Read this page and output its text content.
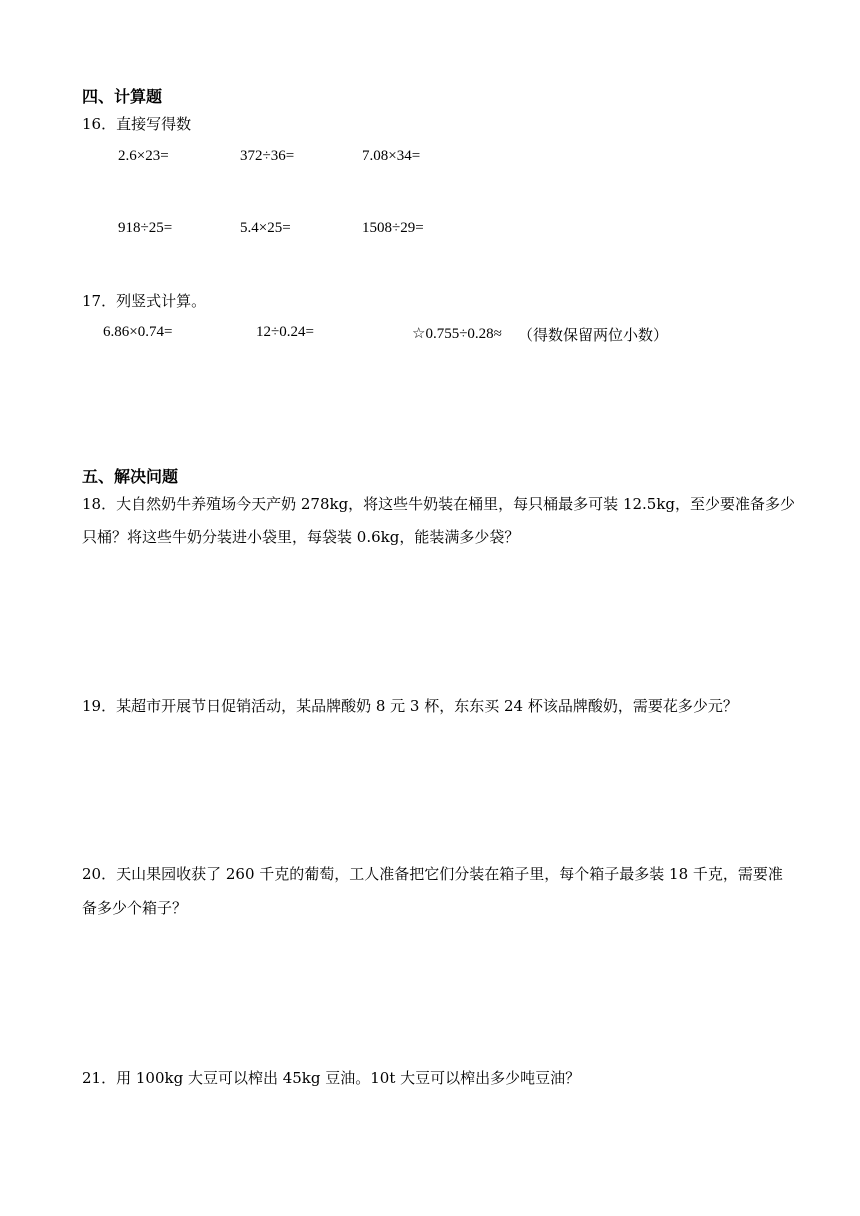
四、计算题
16．直接写得数
2.6×23=	372÷36=	7.08×34=
918÷25=	5.4×25=	1508÷29=
17．列竖式计算。
6.86×0.74=	12÷0.24=	☆0.755÷0.28≈ （得数保留两位小数）
五、解决问题
18．大自然奶牛养殖场今天产奶 278kg，将这些牛奶装在桶里，每只桶最多可装 12.5kg，至少要准备多少
只桶？将这些牛奶分装进小袋里，每袋装 0.6kg，能装满多少袋？
19．某超市开展节日促销活动，某品牌酸奶 8 元 3 杯，东东买 24 杯该品牌酸奶，需要花多少元？
20．天山果园收获了 260 千克的葡萄，工人准备把它们分装在箱子里，每个箱子最多装 18 千克，需要准
备多少个箱子？
21．用 100kg 大豆可以榨出 45kg 豆油。10t 大豆可以榨出多少吨豆油？
